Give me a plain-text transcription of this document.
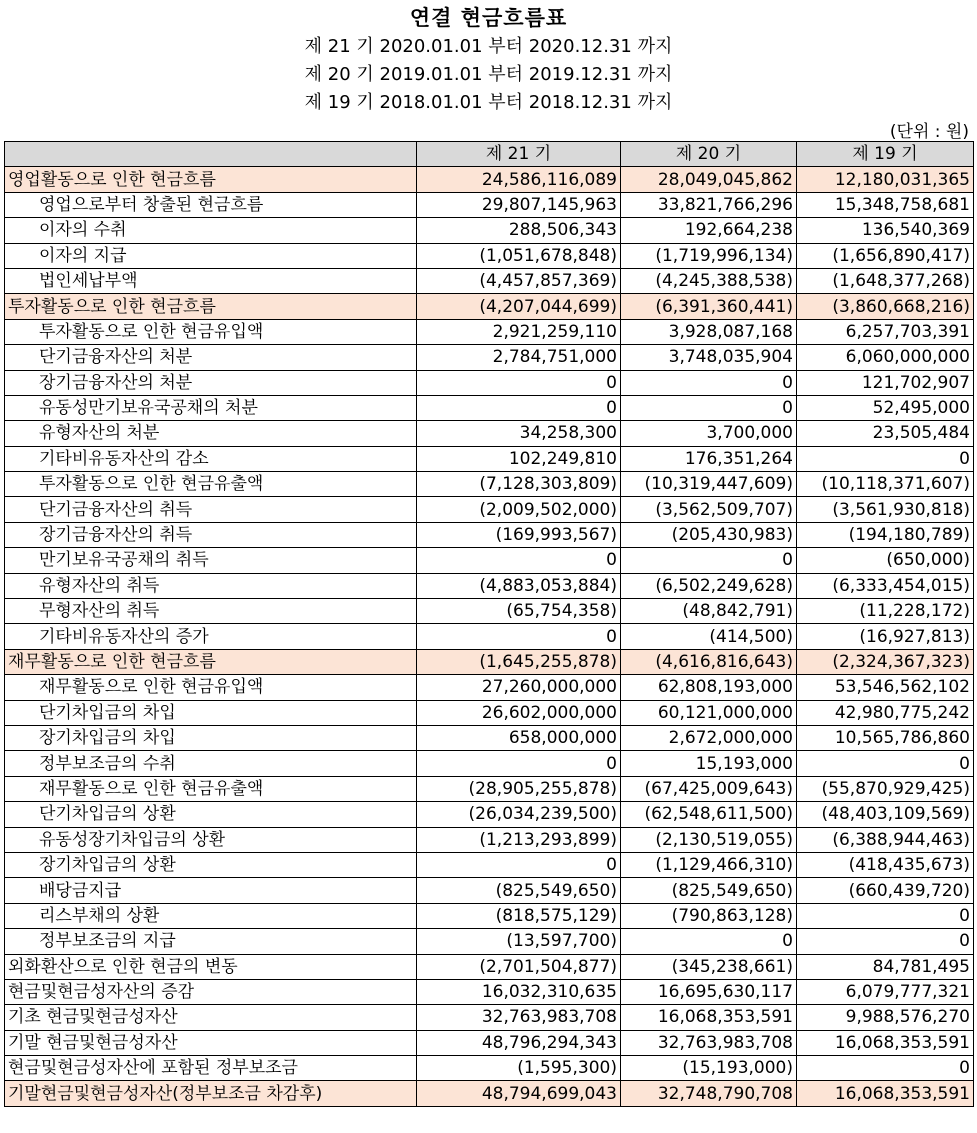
연결 현금흐름표
제 21 기 2020.01.01 부터 2020.12.31 까지
제 20 기 2019.01.01 부터 2019.12.31 까지
제 19 기 2018.01.01 부터 2018.12.31 까지
(단위 : 원)
	제 21 기	제 20 기	제 19 기
영업활동으로 인한 현금흐름	24,586,116,089	28,049,045,862	12,180,031,365
영업으로부터 창출된 현금흐름	29,807,145,963	33,821,766,296	15,348,758,681
이자의 수취	288,506,343	192,664,238	136,540,369
이자의 지급	(1,051,678,848)	(1,719,996,134)	(1,656,890,417)
법인세납부액	(4,457,857,369)	(4,245,388,538)	(1,648,377,268)
투자활동으로 인한 현금흐름	(4,207,044,699)	(6,391,360,441)	(3,860,668,216)
투자활동으로 인한 현금유입액	2,921,259,110	3,928,087,168	6,257,703,391
단기금융자산의 처분	2,784,751,000	3,748,035,904	6,060,000,000
장기금융자산의 처분	0	0	121,702,907
유동성만기보유국공채의 처분	0	0	52,495,000
유형자산의 처분	34,258,300	3,700,000	23,505,484
기타비유동자산의 감소	102,249,810	176,351,264	0
투자활동으로 인한 현금유출액	(7,128,303,809)	(10,319,447,609)	(10,118,371,607)
단기금융자산의 취득	(2,009,502,000)	(3,562,509,707)	(3,561,930,818)
장기금융자산의 취득	(169,993,567)	(205,430,983)	(194,180,789)
만기보유국공채의 취득	0	0	(650,000)
유형자산의 취득	(4,883,053,884)	(6,502,249,628)	(6,333,454,015)
무형자산의 취득	(65,754,358)	(48,842,791)	(11,228,172)
기타비유동자산의 증가	0	(414,500)	(16,927,813)
재무활동으로 인한 현금흐름	(1,645,255,878)	(4,616,816,643)	(2,324,367,323)
재무활동으로 인한 현금유입액	27,260,000,000	62,808,193,000	53,546,562,102
단기차입금의 차입	26,602,000,000	60,121,000,000	42,980,775,242
장기차입금의 차입	658,000,000	2,672,000,000	10,565,786,860
정부보조금의 수취	0	15,193,000	0
재무활동으로 인한 현금유출액	(28,905,255,878)	(67,425,009,643)	(55,870,929,425)
단기차입금의 상환	(26,034,239,500)	(62,548,611,500)	(48,403,109,569)
유동성장기차입금의 상환	(1,213,293,899)	(2,130,519,055)	(6,388,944,463)
장기차입금의 상환	0	(1,129,466,310)	(418,435,673)
배당금지급	(825,549,650)	(825,549,650)	(660,439,720)
리스부채의 상환	(818,575,129)	(790,863,128)	0
정부보조금의 지급	(13,597,700)	0	0
외화환산으로 인한 현금의 변동	(2,701,504,877)	(345,238,661)	84,781,495
현금및현금성자산의 증감	16,032,310,635	16,695,630,117	6,079,777,321
기초 현금및현금성자산	32,763,983,708	16,068,353,591	9,988,576,270
기말 현금및현금성자산	48,796,294,343	32,763,983,708	16,068,353,591
현금및현금성자산에 포함된 정부보조금	(1,595,300)	(15,193,000)	0
기말현금및현금성자산(정부보조금 차감후)	48,794,699,043	32,748,790,708	16,068,353,591
